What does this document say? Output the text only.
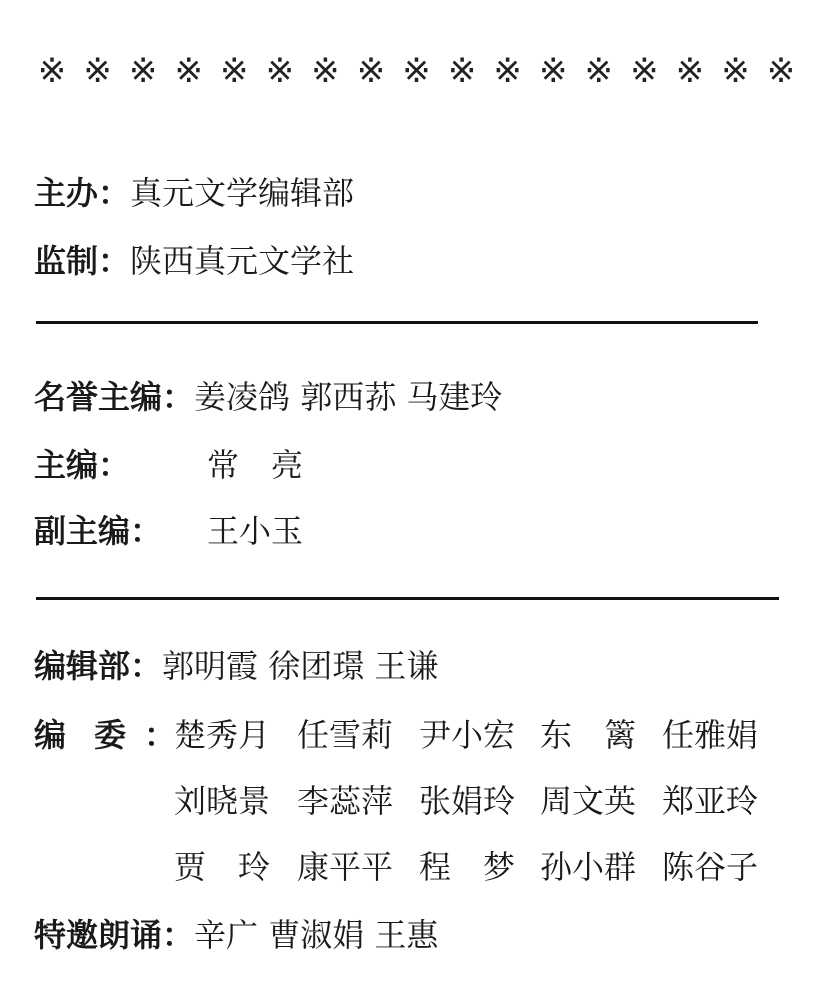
※ ※ ※ ※ ※ ※ ※ ※ ※ ※ ※ ※ ※ ※ ※ ※ ※
主办：真元文学编辑部
监制：陕西真元文学社
名誉主编：姜凌鸽 郭西荪 马建玲
主编： 常　亮
副主编： 王小玉
编辑部：郭明霞 徐团璟 王谦
编 委 ：
楚秀月 任雪莉 尹小宏 东　篱 任雅娟
刘晓景 李蕊萍 张娟玲 周文英 郑亚玲
贾　玲 康平平 程　梦 孙小群 陈谷子
特邀朗诵：辛广 曹淑娟 王惠
